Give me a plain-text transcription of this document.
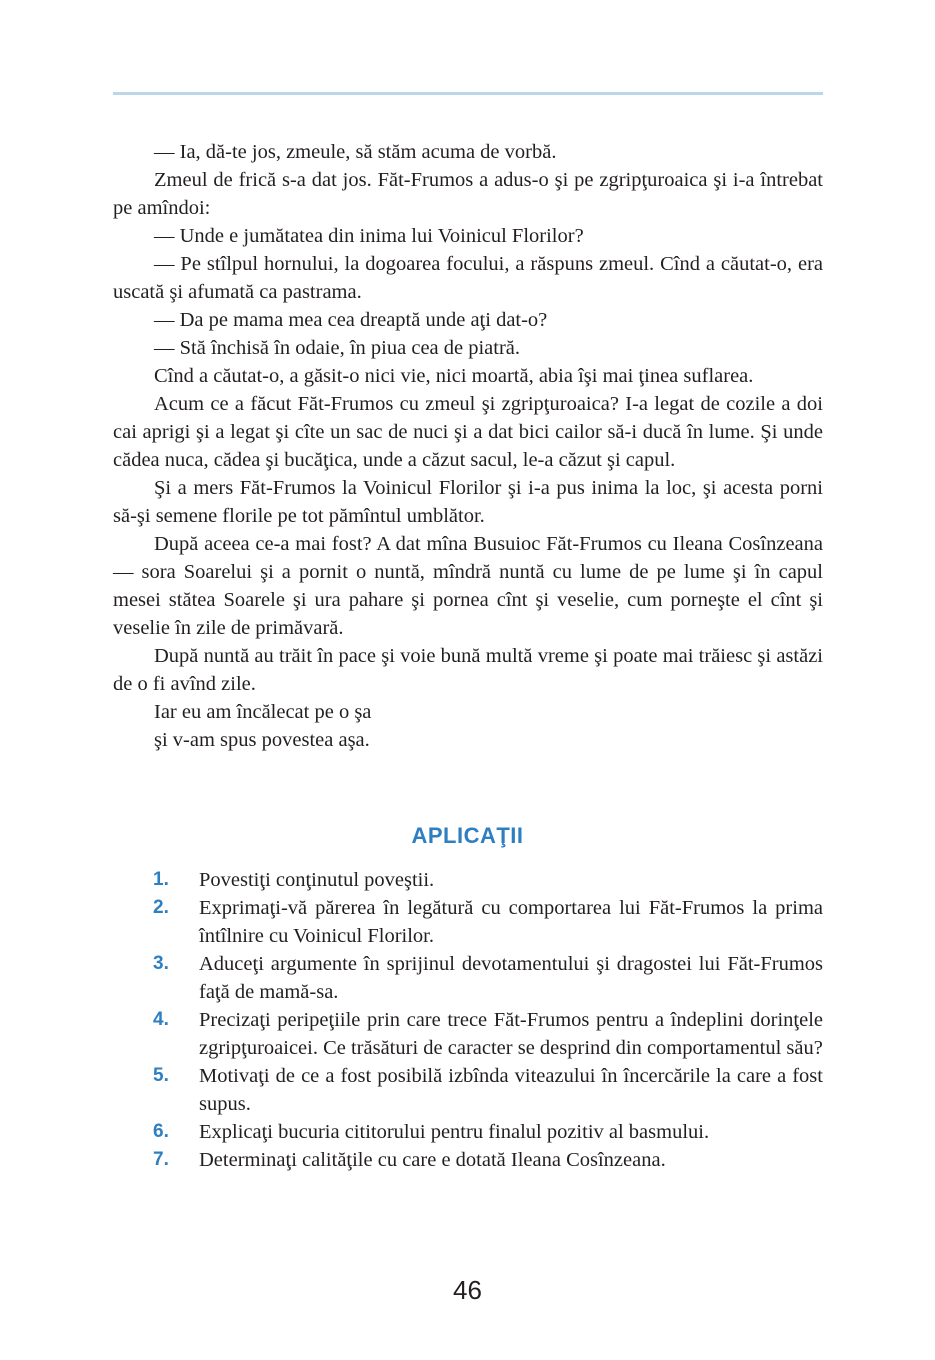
— Ia, dă-te jos, zmeule, să stăm acuma de vorbă.

Zmeul de frică s-a dat jos. Făt-Frumos a adus-o şi pe zgripţuroaica şi i-a întrebat pe amîndoi:

— Unde e jumătatea din inima lui Voinicul Florilor?

— Pe stîlpul hornului, la dogoarea focului, a răspuns zmeul. Cînd a căutat-o, era uscată şi afumată ca pastrama.

— Da pe mama mea cea dreaptă unde aţi dat-o?

— Stă închisă în odaie, în piua cea de piatră.

Cînd a căutat-o, a găsit-o nici vie, nici moartă, abia îşi mai ţinea suflarea.

Acum ce a făcut Făt-Frumos cu zmeul şi zgripţuroaica? I-a legat de cozile a doi cai aprigi şi a legat şi cîte un sac de nuci şi a dat bici cailor să-i ducă în lume. Şi unde cădea nuca, cădea şi bucăţica, unde a căzut sacul, le-a căzut şi capul.

Şi a mers Făt-Frumos la Voinicul Florilor şi i-a pus inima la loc, şi acesta porni să-şi semene florile pe tot pămîntul umblător.

După aceea ce-a mai fost? A dat mîna Busuioc Făt-Frumos cu Ileana Cosînzeana — sora Soarelui şi a pornit o nuntă, mîndră nuntă cu lume de pe lume şi în capul mesei stătea Soarele şi ura pahare şi pornea cînt şi veselie, cum porneşte el cînt şi veselie în zile de primăvară.

După nuntă au trăit în pace şi voie bună multă vreme şi poate mai trăiesc şi astăzi de o fi avînd zile.

Iar eu am încălecat pe o şa

şi v-am spus povestea aşa.

APLICAŢII
1.	Povestiţi conţinutul poveştii.
2.	Exprimaţi-vă părerea în legătură cu comportarea lui Făt-Frumos la prima întîlnire cu Voinicul Florilor.
3.	Aduceţi argumente în sprijinul devotamentului şi dragostei lui Făt-Frumos faţă de mamă-sa.
4.	Precizaţi peripeţiile prin care trece Făt-Frumos pentru a îndeplini dorinţele zgripţuroaicei. Ce trăsături de caracter se desprind din comportamentul său?
5.	Motivaţi de ce a fost posibilă izbînda viteazului în încercările la care a fost supus.
6.	Explicaţi bucuria cititorului pentru finalul pozitiv al basmului.
7.	Determinaţi calităţile cu care e dotată Ileana Cosînzeana.
46
